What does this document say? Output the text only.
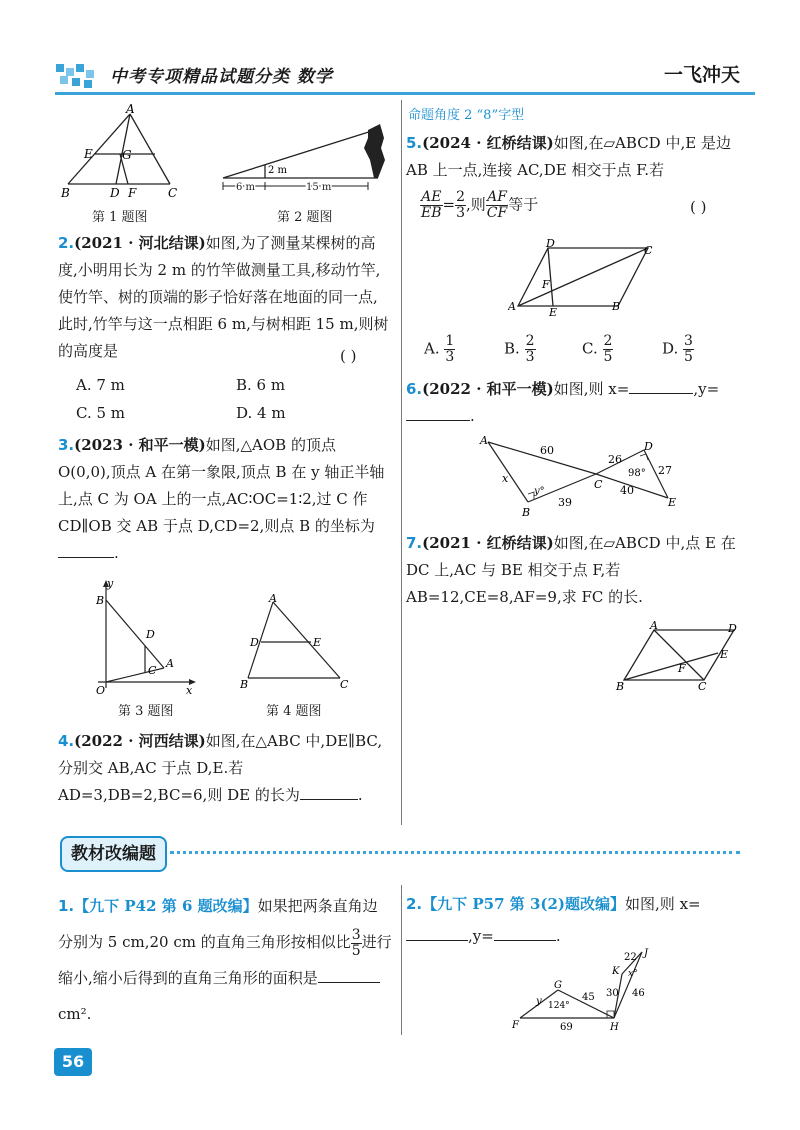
中考专项精品试题分类 数学	一飞冲天
A
E G
B	D F	C
第 1 题图
2 m
6 m	15 m
第 2 题图
2.(2021 · 河北结课)如图,为了测量某棵树的高度,小明用长为 2 m 的竹竿做测量工具,移动竹竿,使竹竿、树的顶端的影子恰好落在地面的同一点,此时,竹竿与这一点相距 6 m,与树相距 15 m,则树的高度是	( )
A. 7 m	B. 6 m
C. 5 m	D. 4 m
3.(2023 · 和平一模)如图,△AOB 的顶点 O(0,0),顶点 A 在第一象限,顶点 B 在 y 轴正半轴上,点 C 为 OA 上的一点,AC∶OC=1∶2,过 C 作 CD∥OB 交 AB 于点 D,CD=2,则点 B 的坐标为.
y
B
D
A
C
O	x
第 3 题图
A
D	E
B	C
第 4 题图
4.(2022 · 河西结课)如图,在△ABC 中,DE∥BC,分别交 AB,AC 于点 D,E.若 AD=3,DB=2,BC=6,则 DE 的长为	.
命题角度 2 “8”字型
5.(2024 · 红桥结课)如图,在▱ABCD 中,E 是边 AB 上一点,连接 AC,DE 相交于点 F.若
$\frac{AE}{EB} = \frac{2}{3}$ ,则 $\frac{AF}{CF}$ 等于	( )
D
C
F
A	E	B
A. $\frac{1}{3}$	B. $\frac{2}{3}$	C. $\frac{2}{5}$	D. $\frac{3}{5}$
6.(2022 · 和平一模)如图,则 x=	,y=.
A
B
C
D
E
x
y°
60
26
27
98°
39
40
7.(2021 · 红桥结课)如图,在▱ABCD 中,点 E 在 DC 上,AC 与 BE 相交于点 F,若 AB=12,CE=8,AF=9,求 FC 的长.
A	D
E
F
B	C
教材改编题
1.【九下 P42 第 6 题改编】如果把两条直角边分别为 5 cm,20 cm 的直角三角形按相似比 $\frac{3}{5}$ 进行缩小,缩小后得到的直角三角形的面积是cm².
2.【九下 P57 第 3(2)题改编】如图,则 x=,y=	.
F
G
H
K
J
y
x°
22
30 46
45
124°
69
56
